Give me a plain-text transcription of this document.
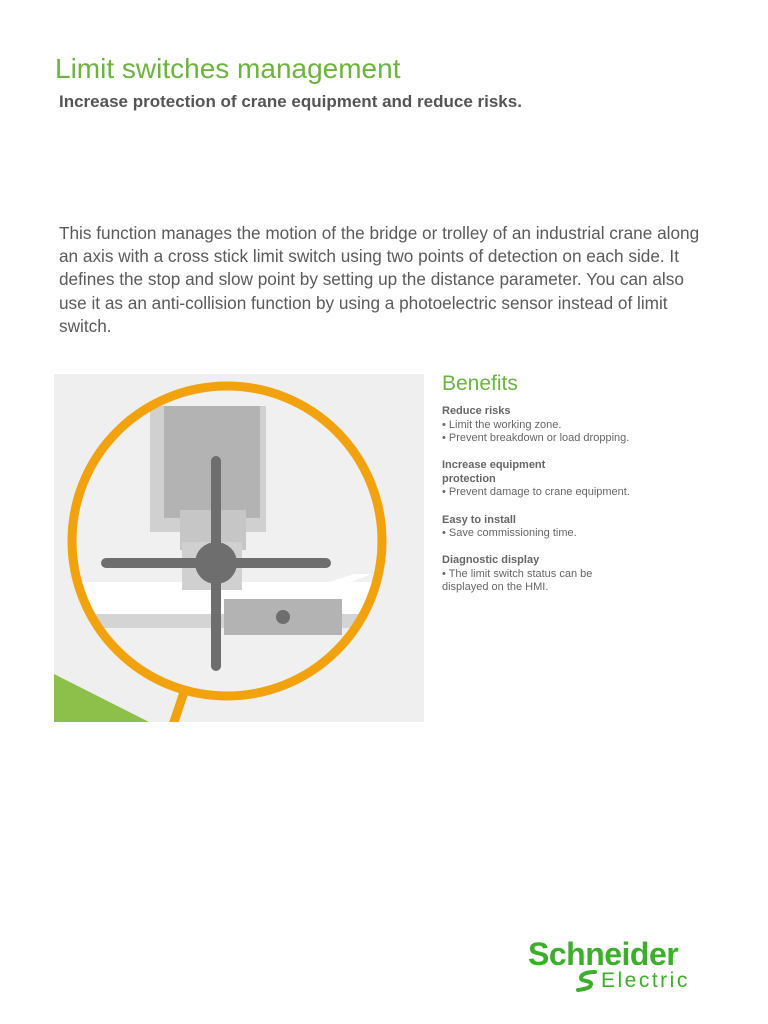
Limit switches management
Increase protection of crane equipment and reduce risks.

This function manages the motion of the bridge or trolley of an industrial crane along an axis with a cross stick limit switch using two points of detection on each side. It defines the stop and slow point by setting up the distance parameter. You can also use it as an anti-collision function by using a photoelectric sensor instead of limit switch.

Benefits
Reduce risks
• Limit the working zone.
• Prevent breakdown or load dropping.
Increase equipment protection
• Prevent damage to crane equipment.
Easy to install
• Save commissioning time.
Diagnostic display
• The limit switch status can be displayed on the HMI.
Schneider
Electric
